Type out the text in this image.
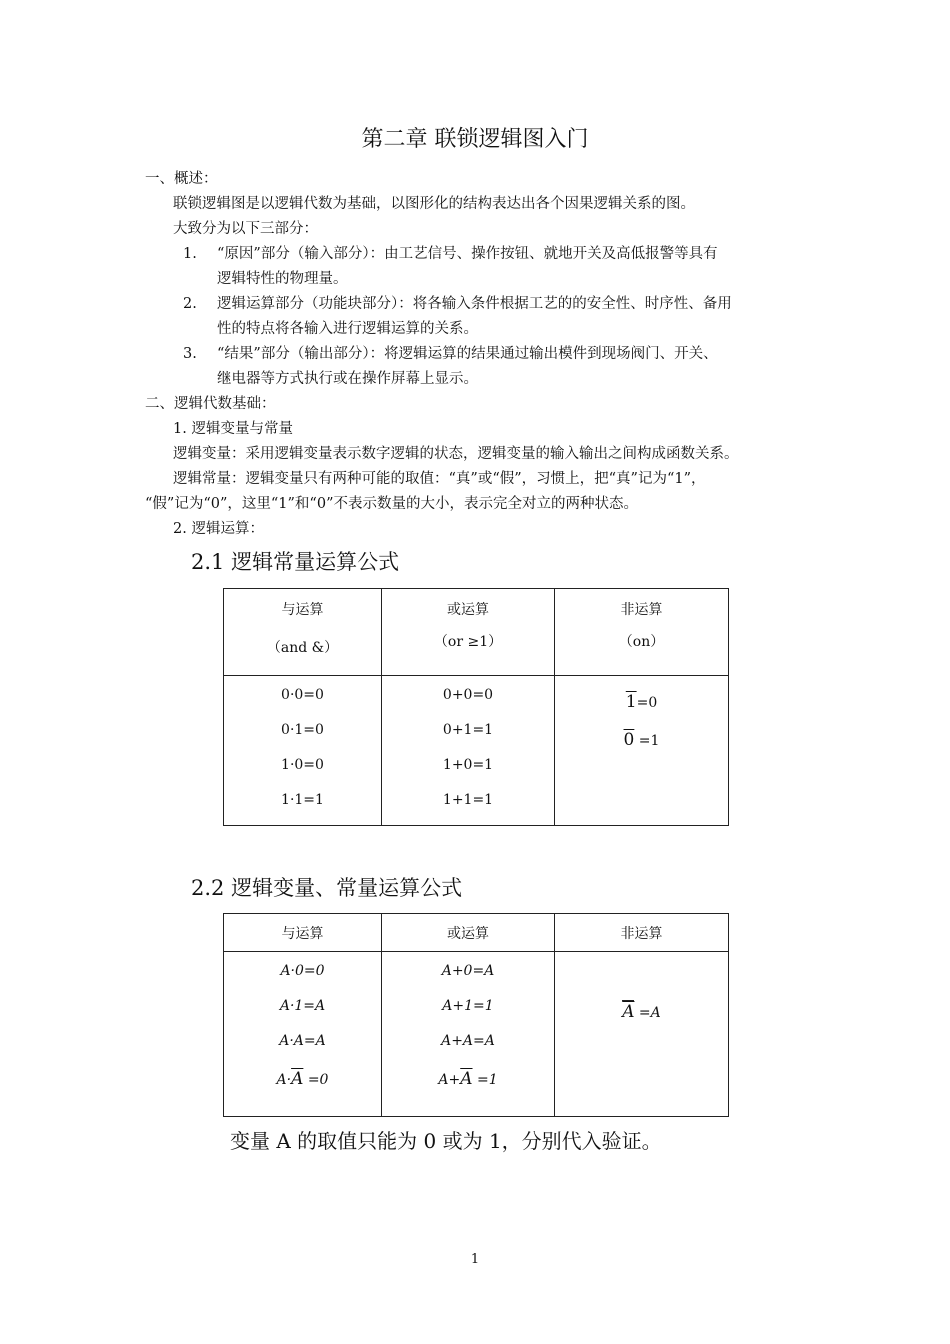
第二章 联锁逻辑图入门
一、概述：
联锁逻辑图是以逻辑代数为基础，以图形化的结构表达出各个因果逻辑关系的图。
大致分为以下三部分：
1. “原因”部分（输入部分）：由工艺信号、操作按钮、就地开关及高低报警等具有
逻辑特性的物理量。
2. 逻辑运算部分（功能块部分）：将各输入条件根据工艺的的安全性、时序性、备用
性的特点将各输入进行逻辑运算的关系。
3. “结果”部分（输出部分）：将逻辑运算的结果通过输出模件到现场阀门、开关、
继电器等方式执行或在操作屏幕上显示。
二、逻辑代数基础：
1. 逻辑变量与常量
逻辑变量：采用逻辑变量表示数字逻辑的状态，逻辑变量的输入输出之间构成函数关系。
逻辑常量：逻辑变量只有两种可能的取值：“真”或“假”，习惯上，把“真”记为“1”，
“假”记为“0”，这里“1”和“0”不表示数量的大小，表示完全对立的两种状态。
2. 逻辑运算：
2.1 逻辑常量运算公式
与运算
（and &）	或运算
（or ≥1）	非运算
（on）

0·0=0
0·1=0
1·0=0
1·1=1	0+0=0
0+1=1
1+0=1
1+1=1	1=0
0 =1
2.2 逻辑变量、常量运算公式
与运算	或运算	非运算

A·0=0
A·1=A
A·A=A
$A\cdot\overline{A} =0$	A+0=A
A+1=1
A+A=A
$A+\overline{A} =1$	$\overline{A} =A$
变量 A 的取值只能为 0 或为 1，分别代入验证。
1
